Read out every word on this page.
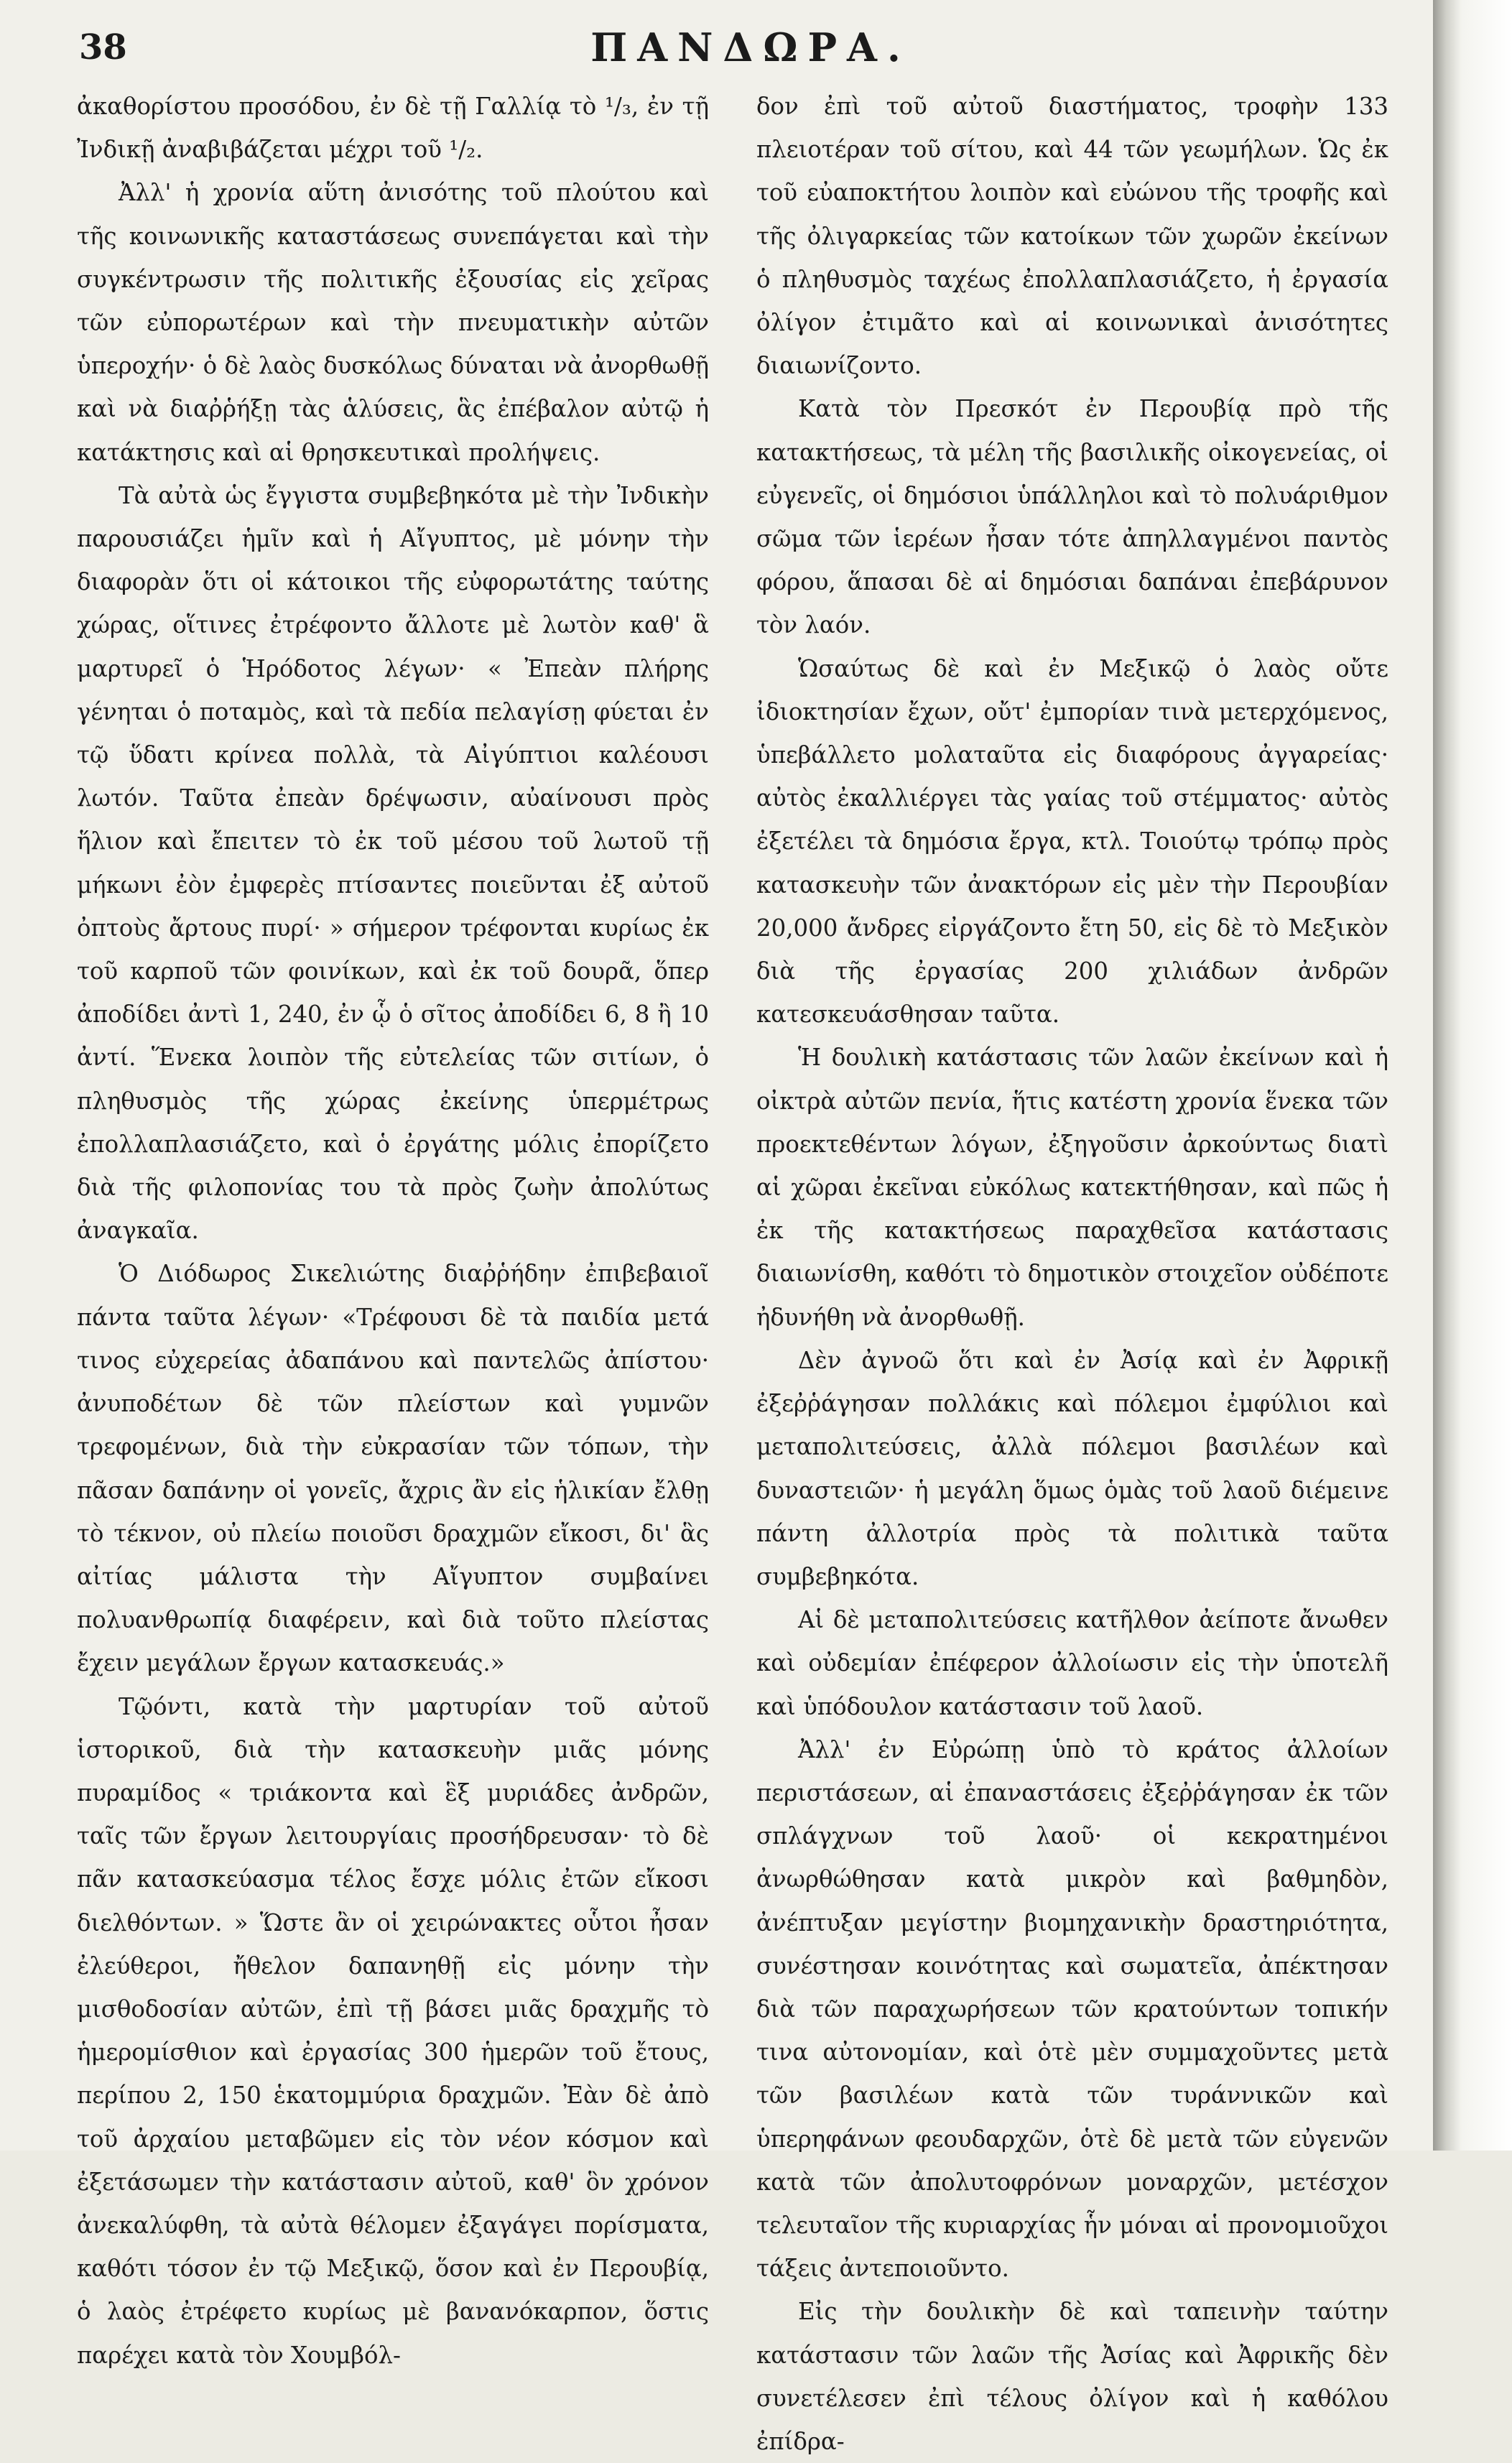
38	ΠΑΝΔΩΡΑ.

ἀκαθορίστου προσόδου, ἐν δὲ τῇ Γαλλίᾳ τὸ ¹/₃, ἐν τῇ Ἰνδικῇ ἀναβιβάζεται μέχρι τοῦ ¹/₂.

Ἀλλ' ἡ χρονία αὕτη ἀνισότης τοῦ πλούτου καὶ τῆς κοινωνικῆς καταστάσεως συνεπάγεται καὶ τὴν συγκέντρωσιν τῆς πολιτικῆς ἐξουσίας εἰς χεῖρας τῶν εὐπορωτέρων καὶ τὴν πνευματικὴν αὐτῶν ὑπεροχήν· ὁ δὲ λαὸς δυσκόλως δύναται νὰ ἀνορθωθῇ καὶ νὰ διαῤῥήξῃ τὰς ἁλύσεις, ἃς ἐπέβαλον αὐτῷ ἡ κατάκτησις καὶ αἱ θρησκευτικαὶ προλήψεις.

Τὰ αὐτὰ ὡς ἔγγιστα συμβεβηκότα μὲ τὴν Ἰνδικὴν παρουσιάζει ἡμῖν καὶ ἡ Αἴγυπτος, μὲ μόνην τὴν διαφορὰν ὅτι οἱ κάτοικοι τῆς εὐφορωτάτης ταύτης χώρας, οἵτινες ἐτρέφοντο ἄλλοτε μὲ λωτὸν καθ' ἃ μαρτυρεῖ ὁ Ἡρόδοτος λέγων· « Ἐπεὰν πλήρης γένηται ὁ ποταμὸς, καὶ τὰ πεδία πελαγίσῃ φύεται ἐν τῷ ὕδατι κρίνεα πολλὰ, τὰ Αἰγύπτιοι καλέουσι λωτόν. Ταῦτα ἐπεὰν δρέψωσιν, αὐαίνουσι πρὸς ἥλιον καὶ ἔπειτεν τὸ ἐκ τοῦ μέσου τοῦ λωτοῦ τῇ μήκωνι ἐὸν ἐμφερὲς πτίσαντες ποιεῦνται ἐξ αὐτοῦ ὀπτοὺς ἄρτους πυρί· » σήμερον τρέφονται κυρίως ἐκ τοῦ καρποῦ τῶν φοινίκων, καὶ ἐκ τοῦ δουρᾶ, ὅπερ ἀποδίδει ἀντὶ 1, 240, ἐν ᾧ ὁ σῖτος ἀποδίδει 6, 8 ἢ 10 ἀντί. Ἕνεκα λοιπὸν τῆς εὐτελείας τῶν σιτίων, ὁ πληθυσμὸς τῆς χώρας ἐκείνης ὑπερμέτρως ἐπολλαπλασιάζετο, καὶ ὁ ἐργάτης μόλις ἐπορίζετο διὰ τῆς φιλοπονίας του τὰ πρὸς ζωὴν ἀπολύτως ἀναγκαῖα.

Ὁ Διόδωρος Σικελιώτης διαῤῥήδην ἐπιβεβαιοῖ πάντα ταῦτα λέγων· «Τρέφουσι δὲ τὰ παιδία μετά τινος εὐχερείας ἀδαπάνου καὶ παντελῶς ἀπίστου· ἀνυποδέτων δὲ τῶν πλείστων καὶ γυμνῶν τρεφομένων, διὰ τὴν εὐκρασίαν τῶν τόπων, τὴν πᾶσαν δαπάνην οἱ γονεῖς, ἄχρις ἂν εἰς ἡλικίαν ἔλθῃ τὸ τέκνον, οὐ πλείω ποιοῦσι δραχμῶν εἴκοσι, δι' ἃς αἰτίας μάλιστα τὴν Αἴγυπτον συμβαίνει πολυανθρωπίᾳ διαφέρειν, καὶ διὰ τοῦτο πλείστας ἔχειν μεγάλων ἔργων κατασκευάς.»

Τῷόντι, κατὰ τὴν μαρτυρίαν τοῦ αὐτοῦ ἱστορικοῦ, διὰ τὴν κατασκευὴν μιᾶς μόνης πυραμίδος « τριάκοντα καὶ ἓξ μυριάδες ἀνδρῶν, ταῖς τῶν ἔργων λειτουργίαις προσήδρευσαν· τὸ δὲ πᾶν κατασκεύασμα τέλος ἔσχε μόλις ἐτῶν εἴκοσι διελθόντων. » Ὥστε ἂν οἱ χειρώνακτες οὗτοι ἦσαν ἐλεύθεροι, ἤθελον δαπανηθῇ εἰς μόνην τὴν μισθοδοσίαν αὐτῶν, ἐπὶ τῇ βάσει μιᾶς δραχμῆς τὸ ἡμερομίσθιον καὶ ἐργασίας 300 ἡμερῶν τοῦ ἔτους, περίπου 2, 150 ἑκατομμύρια δραχμῶν. Ἐὰν δὲ ἀπὸ τοῦ ἀρχαίου μεταβῶμεν εἰς τὸν νέον κόσμον καὶ ἐξετάσωμεν τὴν κατάστασιν αὐτοῦ, καθ' ὃν χρόνον ἀνεκαλύφθη, τὰ αὐτὰ θέλομεν ἐξαγάγει πορίσματα, καθότι τόσον ἐν τῷ Μεξικῷ, ὅσον καὶ ἐν Περουβίᾳ, ὁ λαὸς ἐτρέφετο κυρίως μὲ βανανόκαρπον, ὅστις παρέχει κατὰ τὸν Χουμβόλ-

δον ἐπὶ τοῦ αὐτοῦ διαστήματος, τροφὴν 133 πλειοτέραν τοῦ σίτου, καὶ 44 τῶν γεωμήλων. Ὡς ἐκ τοῦ εὐαποκτήτου λοιπὸν καὶ εὐώνου τῆς τροφῆς καὶ τῆς ὀλιγαρκείας τῶν κατοίκων τῶν χωρῶν ἐκείνων ὁ πληθυσμὸς ταχέως ἐπολλαπλασιάζετο, ἡ ἐργασία ὀλίγον ἐτιμᾶτο καὶ αἱ κοινωνικαὶ ἀνισότητες διαιωνίζοντο.

Κατὰ τὸν Πρεσκότ ἐν Περουβίᾳ πρὸ τῆς κατακτήσεως, τὰ μέλη τῆς βασιλικῆς οἰκογενείας, οἱ εὐγενεῖς, οἱ δημόσιοι ὑπάλληλοι καὶ τὸ πολυάριθμον σῶμα τῶν ἱερέων ἦσαν τότε ἀπηλλαγμένοι παντὸς φόρου, ἅπασαι δὲ αἱ δημόσιαι δαπάναι ἐπεβάρυνον τὸν λαόν.

Ὡσαύτως δὲ καὶ ἐν Μεξικῷ ὁ λαὸς οὔτε ἰδιοκτησίαν ἔχων, οὔτ' ἐμπορίαν τινὰ μετερχόμενος, ὑπεβάλλετο μολαταῦτα εἰς διαφόρους ἀγγαρείας· αὐτὸς ἐκαλλιέργει τὰς γαίας τοῦ στέμματος· αὐτὸς ἐξετέλει τὰ δημόσια ἔργα, κτλ. Τοιούτῳ τρόπῳ πρὸς κατασκευὴν τῶν ἀνακτόρων εἰς μὲν τὴν Περουβίαν 20,000 ἄνδρες εἰργάζοντο ἔτη 50, εἰς δὲ τὸ Μεξικὸν διὰ τῆς ἐργασίας 200 χιλιάδων ἀνδρῶν κατεσκευάσθησαν ταῦτα.

Ἡ δουλικὴ κατάστασις τῶν λαῶν ἐκείνων καὶ ἡ οἰκτρὰ αὐτῶν πενία, ἥτις κατέστη χρονία ἕνεκα τῶν προεκτεθέντων λόγων, ἐξηγοῦσιν ἀρκούντως διατὶ αἱ χῶραι ἐκεῖναι εὐκόλως κατεκτήθησαν, καὶ πῶς ἡ ἐκ τῆς κατακτήσεως παραχθεῖσα κατάστασις διαιωνίσθη, καθότι τὸ δημοτικὸν στοιχεῖον οὐδέποτε ἠδυνήθη νὰ ἀνορθωθῇ.

Δὲν ἀγνοῶ ὅτι καὶ ἐν Ἀσίᾳ καὶ ἐν Ἀφρικῇ ἐξεῤῥάγησαν πολλάκις καὶ πόλεμοι ἐμφύλιοι καὶ μεταπολιτεύσεις, ἀλλὰ πόλεμοι βασιλέων καὶ δυναστειῶν· ἡ μεγάλη ὅμως ὁμὰς τοῦ λαοῦ διέμεινε πάντη ἀλλοτρία πρὸς τὰ πολιτικὰ ταῦτα συμβεβηκότα.

Αἱ δὲ μεταπολιτεύσεις κατῆλθον ἀείποτε ἄνωθεν καὶ οὐδεμίαν ἐπέφερον ἀλλοίωσιν εἰς τὴν ὑποτελῆ καὶ ὑπόδουλον κατάστασιν τοῦ λαοῦ.

Ἀλλ' ἐν Εὐρώπῃ ὑπὸ τὸ κράτος ἀλλοίων περιστάσεων, αἱ ἐπαναστάσεις ἐξεῤῥάγησαν ἐκ τῶν σπλάγχνων τοῦ λαοῦ· οἱ κεκρατημένοι ἀνωρθώθησαν κατὰ μικρὸν καὶ βαθμηδὸν, ἀνέπτυξαν μεγίστην βιομηχανικὴν δραστηριότητα, συνέστησαν κοινότητας καὶ σωματεῖα, ἀπέκτησαν διὰ τῶν παραχωρήσεων τῶν κρατούντων τοπικήν τινα αὐτονομίαν, καὶ ὁτὲ μὲν συμμαχοῦντες μετὰ τῶν βασιλέων κατὰ τῶν τυράννικῶν καὶ ὑπερηφάνων φεουδαρχῶν, ὁτὲ δὲ μετὰ τῶν εὐγενῶν κατὰ τῶν ἀπολυτοφρόνων μοναρχῶν, μετέσχον τελευταῖον τῆς κυριαρχίας ἧν μόναι αἱ προνομιοῦχοι τάξεις ἀντεποιοῦντο.

Εἰς τὴν δουλικὴν δὲ καὶ ταπεινὴν ταύτην κατάστασιν τῶν λαῶν τῆς Ἀσίας καὶ Ἀφρικῆς δὲν συνετέλεσεν ἐπὶ τέλους ὀλίγον καὶ ἡ καθόλου ἐπίδρα-
